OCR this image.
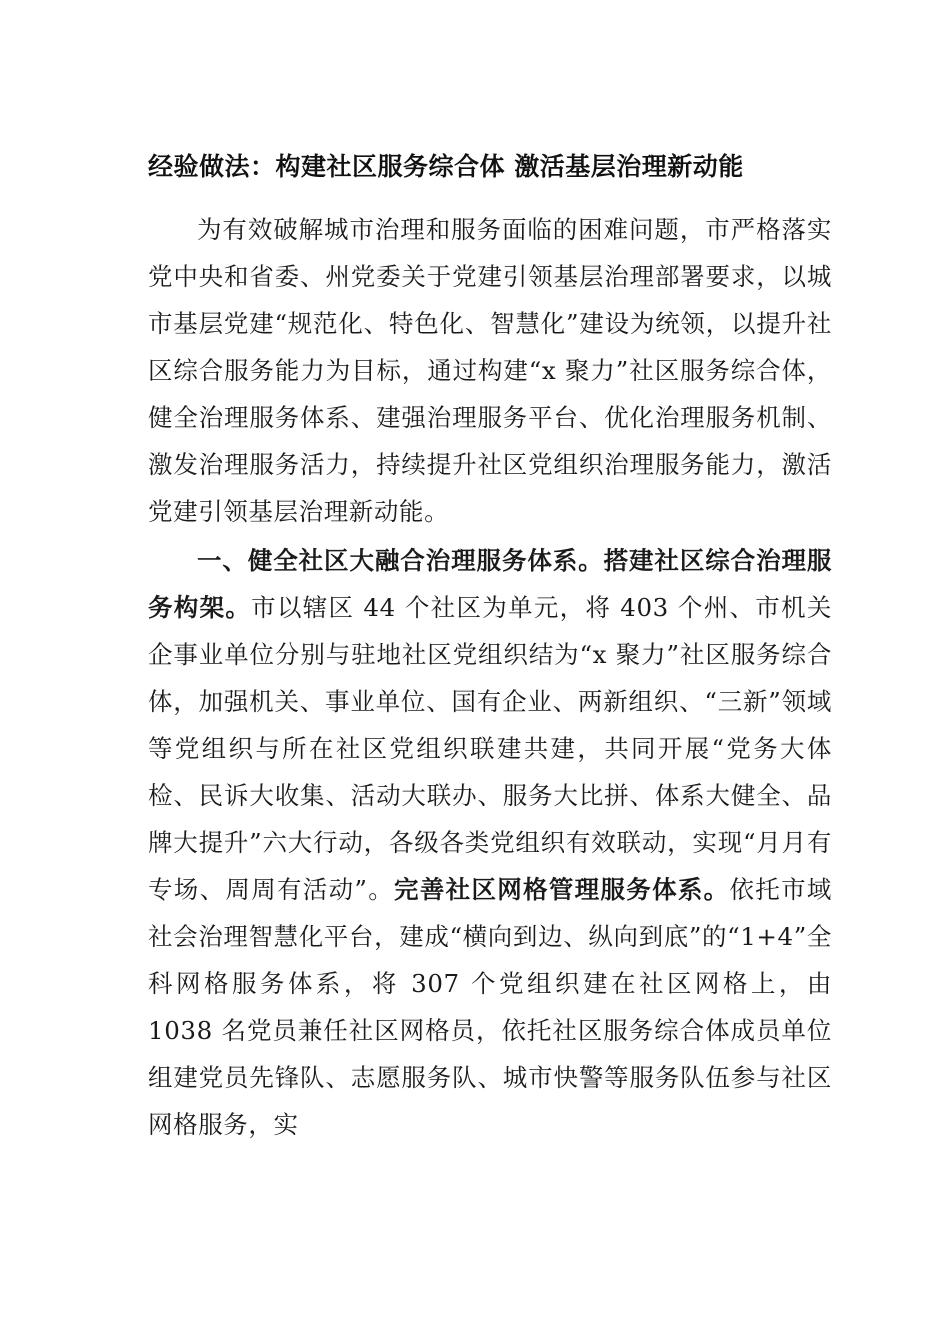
经验做法：构建社区服务综合体 激活基层治理新动能

为有效破解城市治理和服务面临的困难问题，市严格落实党中央和省委、州党委关于党建引领基层治理部署要求，以城市基层党建“规范化、特色化、智慧化”建设为统领，以提升社区综合服务能力为目标，通过构建“x 聚力”社区服务综合体，健全治理服务体系、建强治理服务平台、优化治理服务机制、激发治理服务活力，持续提升社区党组织治理服务能力，激活党建引领基层治理新动能。

一、健全社区大融合治理服务体系。搭建社区综合治理服务构架。市以辖区 44 个社区为单元，将 403 个州、市机关企事业单位分别与驻地社区党组织结为“x 聚力”社区服务综合体，加强机关、事业单位、国有企业、两新组织、“三新”领域等党组织与所在社区党组织联建共建，共同开展“党务大体检、民诉大收集、活动大联办、服务大比拼、体系大健全、品牌大提升”六大行动，各级各类党组织有效联动，实现“月月有专场、周周有活动”。完善社区网格管理服务体系。依托市域社会治理智慧化平台，建成“横向到边、纵向到底”的“1+4”全科网格服务体系，将 307 个党组织建在社区网格上，由 1038 名党员兼任社区网格员，依托社区服务综合体成员单位组建党员先锋队、志愿服务队、城市快警等服务队伍参与社区网格服务，实
